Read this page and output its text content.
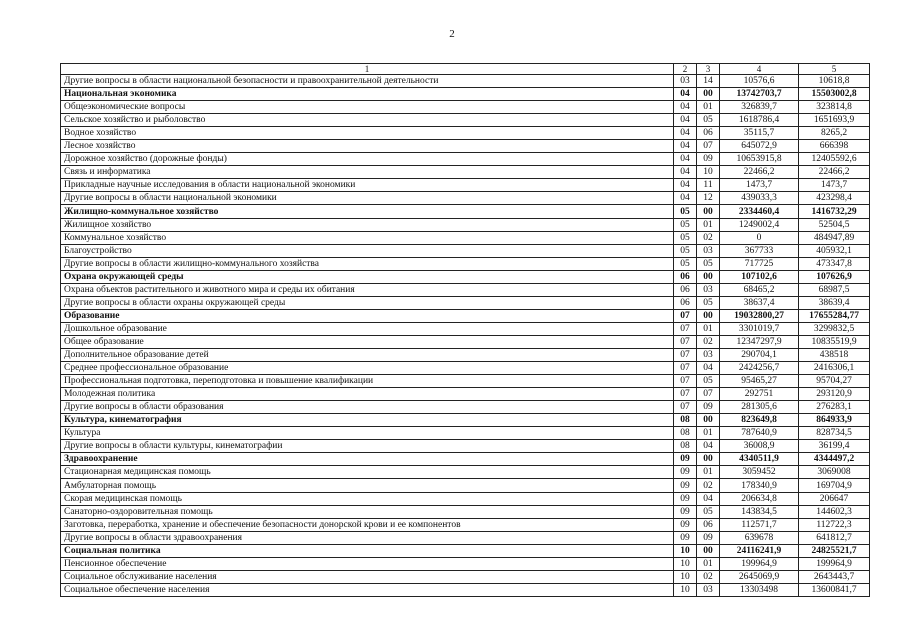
2
1	2	3	4	5
Другие вопросы в области национальной безопасности и правоохранительной деятельности	03	14	10576,6	10618,8
Национальная экономика	04	00	13742703,7	15503002,8
Общеэкономические вопросы	04	01	326839,7	323814,8
Сельское хозяйство и рыболовство	04	05	1618786,4	1651693,9
Водное хозяйство	04	06	35115,7	8265,2
Лесное хозяйство	04	07	645072,9	666398
Дорожное хозяйство (дорожные фонды)	04	09	10653915,8	12405592,6
Связь и информатика	04	10	22466,2	22466,2
Прикладные научные исследования в области национальной экономики	04	11	1473,7	1473,7
Другие вопросы в области национальной экономики	04	12	439033,3	423298,4
Жилищно-коммунальное хозяйство	05	00	2334460,4	1416732,29
Жилищное хозяйство	05	01	1249002,4	52504,5
Коммунальное хозяйство	05	02	0	484947,89
Благоустройство	05	03	367733	405932,1
Другие вопросы в области жилищно-коммунального хозяйства	05	05	717725	473347,8
Охрана окружающей среды	06	00	107102,6	107626,9
Охрана объектов растительного и животного мира и среды их обитания	06	03	68465,2	68987,5
Другие вопросы в области охраны окружающей среды	06	05	38637,4	38639,4
Образование	07	00	19032800,27	17655284,77
Дошкольное образование	07	01	3301019,7	3299832,5
Общее образование	07	02	12347297,9	10835519,9
Дополнительное образование детей	07	03	290704,1	438518
Среднее профессиональное образование	07	04	2424256,7	2416306,1
Профессиональная подготовка, переподготовка и повышение квалификации	07	05	95465,27	95704,27
Молодежная политика	07	07	292751	293120,9
Другие вопросы в области образования	07	09	281305,6	276283,1
Культура, кинематография	08	00	823649,8	864933,9
Культура	08	01	787640,9	828734,5
Другие вопросы в области культуры, кинематографии	08	04	36008,9	36199,4
Здравоохранение	09	00	4340511,9	4344497,2
Стационарная медицинская помощь	09	01	3059452	3069008
Амбулаторная помощь	09	02	178340,9	169704,9
Скорая медицинская помощь	09	04	206634,8	206647
Санаторно-оздоровительная помощь	09	05	143834,5	144602,3
Заготовка, переработка, хранение и обеспечение безопасности донорской крови и ее компонентов	09	06	112571,7	112722,3
Другие вопросы в области здравоохранения	09	09	639678	641812,7
Социальная политика	10	00	24116241,9	24825521,7
Пенсионное обеспечение	10	01	199964,9	199964,9
Социальное обслуживание населения	10	02	2645069,9	2643443,7
Социальное обеспечение населения	10	03	13303498	13600841,7
